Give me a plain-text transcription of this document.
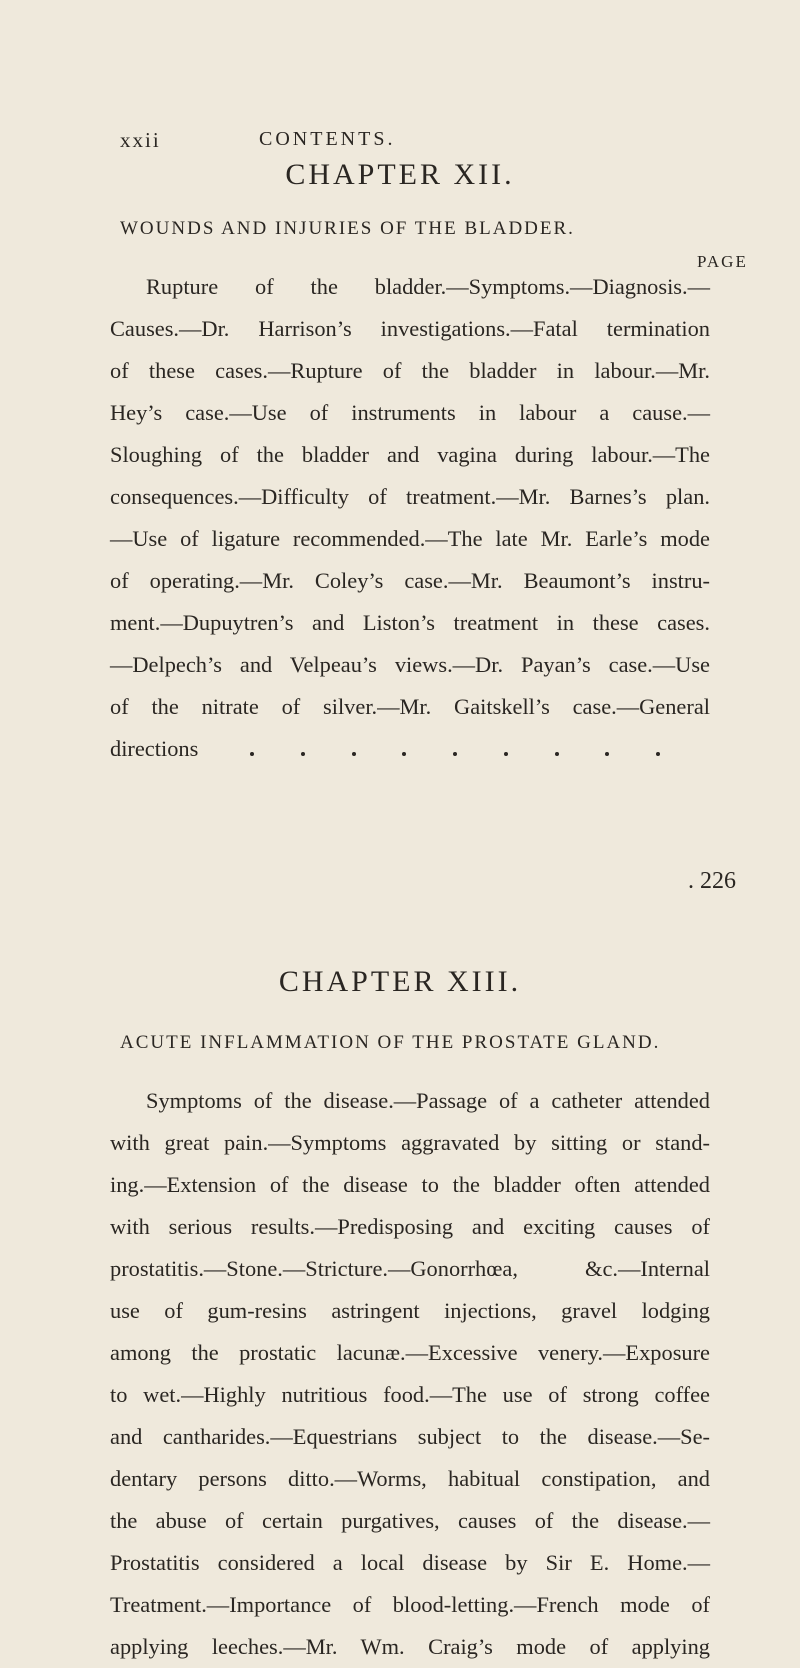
xxii	CONTENTS.
CHAPTER XII.
WOUNDS AND INJURIES OF THE BLADDER.
PAGE
Rupture of the bladder.—Symptoms.—Diagnosis.—
Causes.—Dr. Harrison’s investigations.—Fatal termination
of these cases.—Rupture of the bladder in labour.—Mr.
Hey’s case.—Use of instruments in labour a cause.—
Sloughing of the bladder and vagina during labour.—The
consequences.—Difficulty of treatment.—Mr. Barnes’s plan.
—Use of ligature recommended.—The late Mr. Earle’s mode
of operating.—Mr. Coley’s case.—Mr. Beaumont’s instru-
ment.—Dupuytren’s and Liston’s treatment in these cases.
—Delpech’s and Velpeau’s views.—Dr. Payan’s case.—Use
of the nitrate of silver.—Mr. Gaitskell’s case.—General
directions
. 226
CHAPTER XIII.
ACUTE INFLAMMATION OF THE PROSTATE GLAND.
Symptoms of the disease.—Passage of a catheter attended
with great pain.—Symptoms aggravated by sitting or stand-
ing.—Extension of the disease to the bladder often attended
with serious results.—Predisposing and exciting causes of
prostatitis.—Stone.—Stricture.—Gonorrhœa, &c.—Internal
use of gum-resins astringent injections, gravel lodging
among the prostatic lacunæ.—Excessive venery.—Exposure
to wet.—Highly nutritious food.—The use of strong coffee
and cantharides.—Equestrians subject to the disease.—Se-
dentary persons ditto.—Worms, habitual constipation, and
the abuse of certain purgatives, causes of the disease.—
Prostatitis considered a local disease by Sir E. Home.—
Treatment.—Importance of blood-letting.—French mode of
applying leeches.—Mr. Wm. Craig’s mode of applying
